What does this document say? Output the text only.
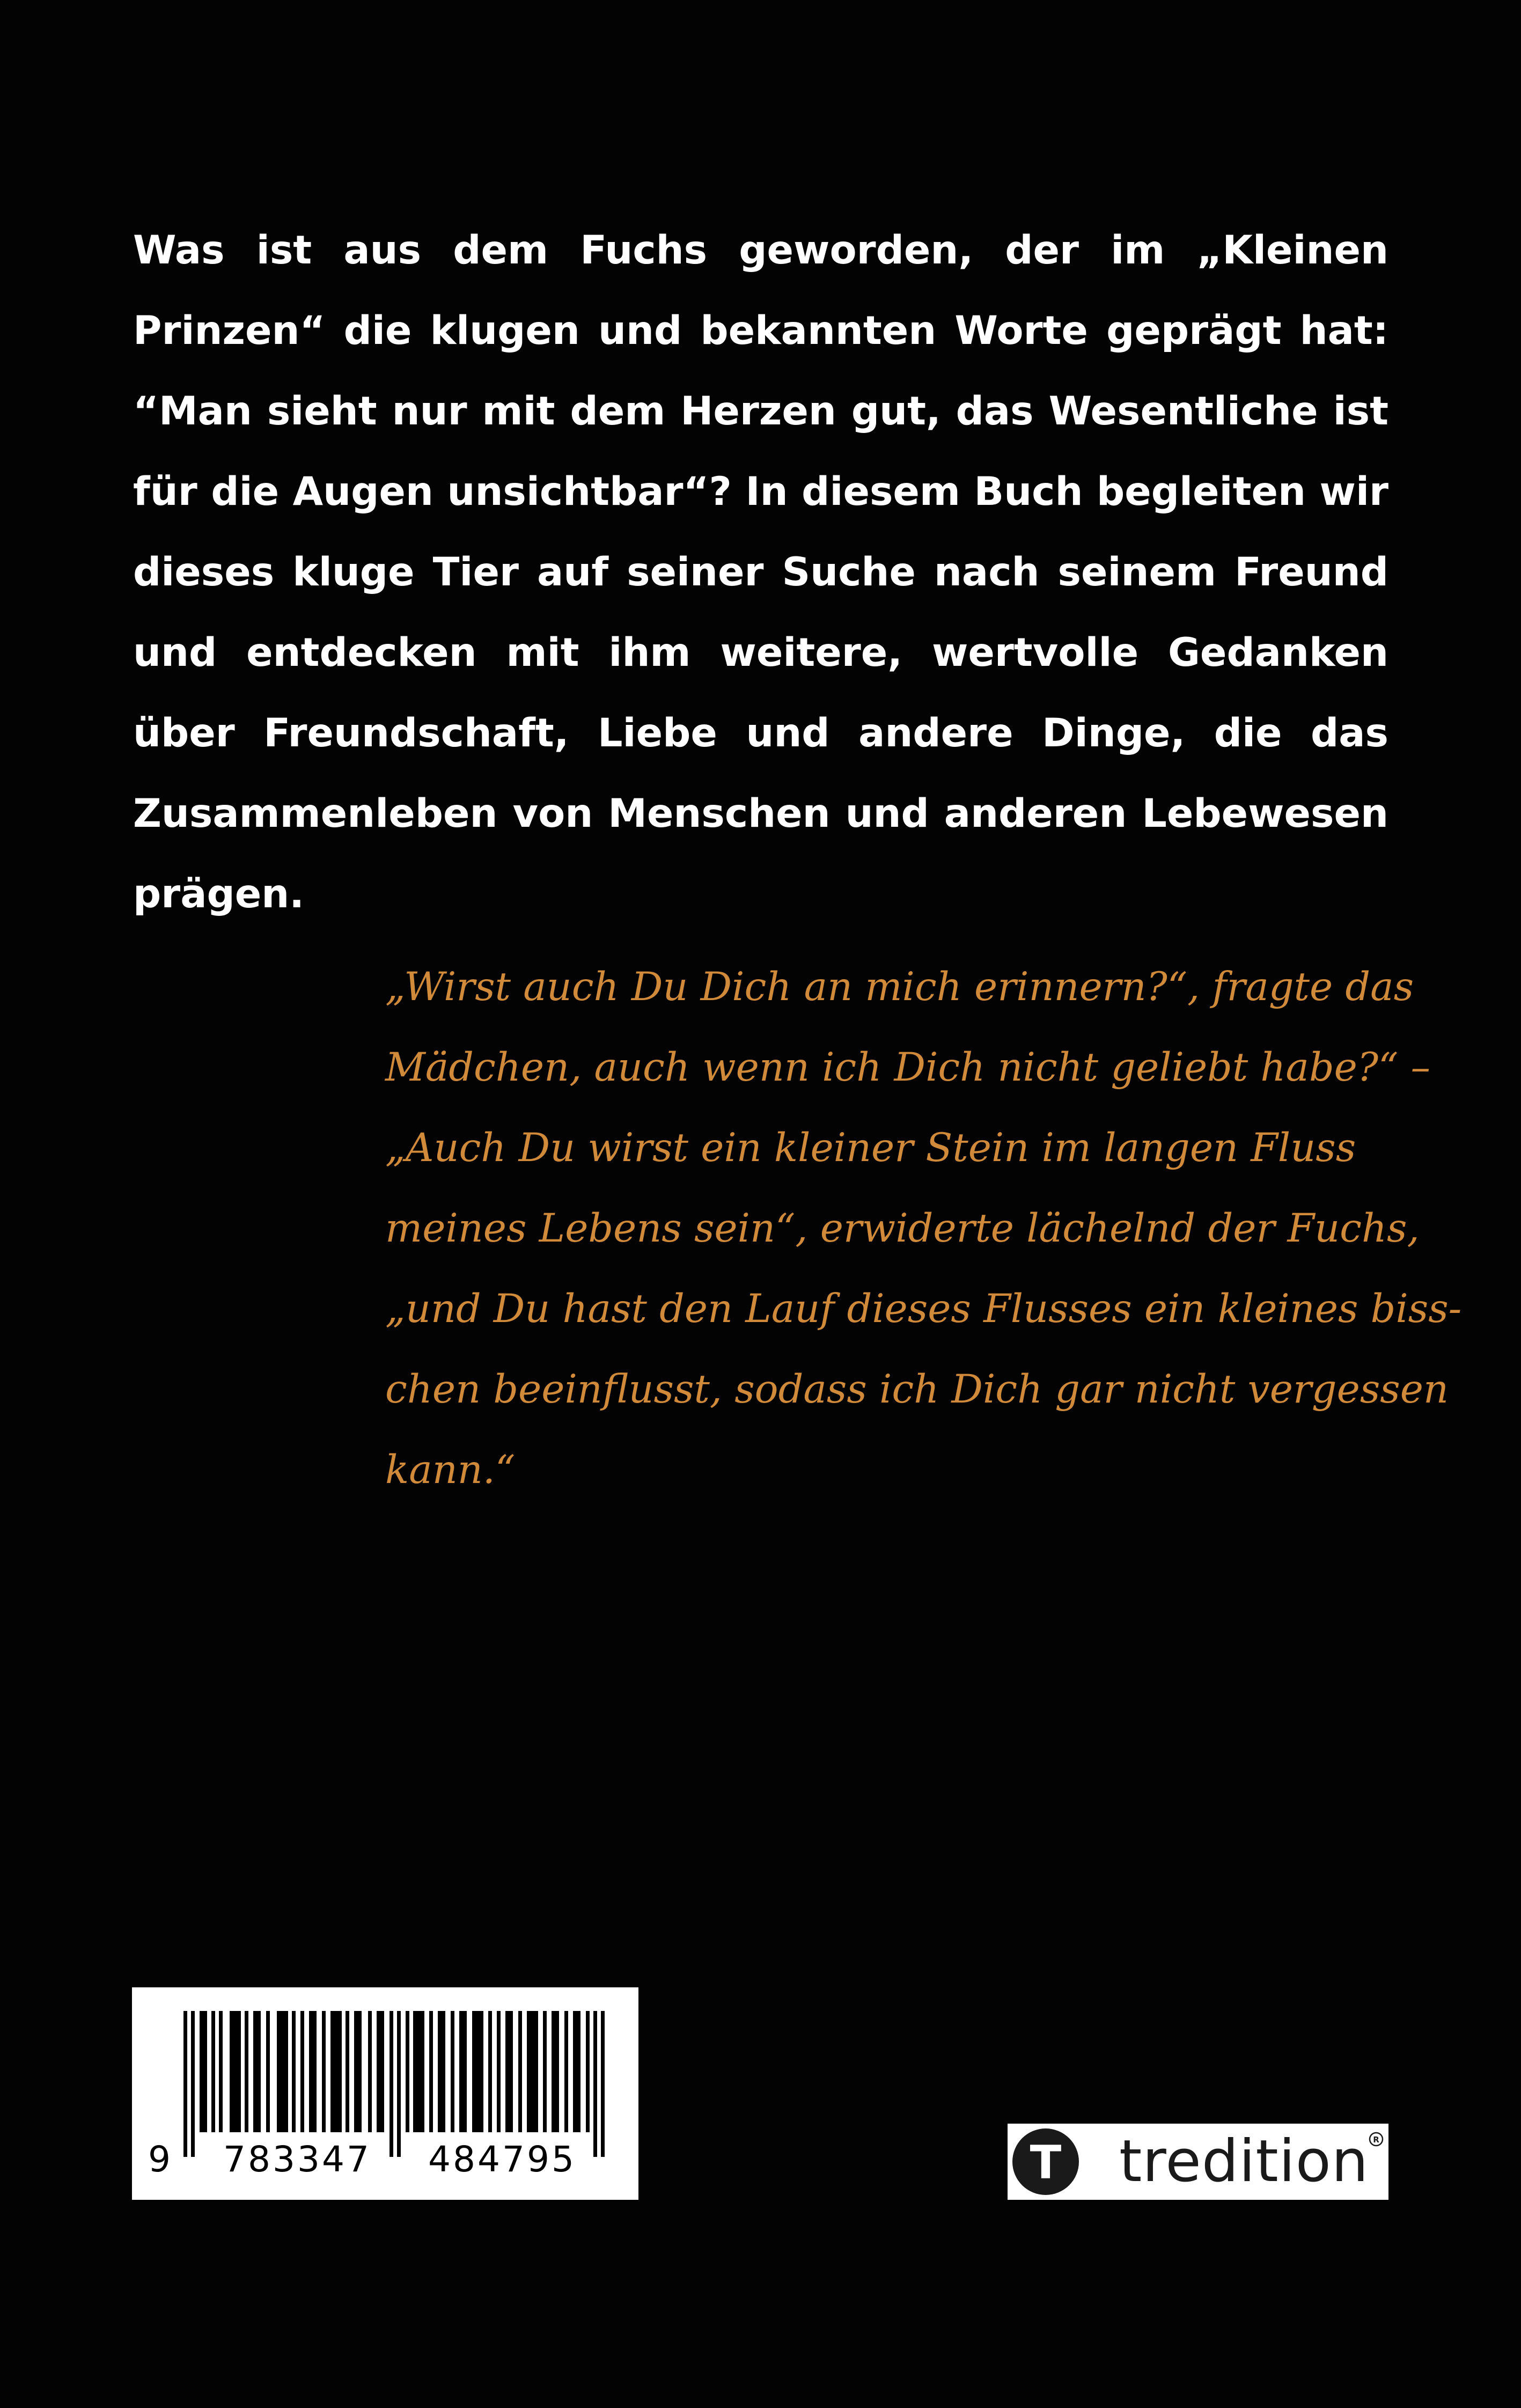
Was ist aus dem Fuchs geworden, der im „Kleinen Prinzen“ die klugen und bekannten Worte geprägt hat: “Man sieht nur mit dem Herzen gut, das Wesentliche ist für die Augen unsichtbar“? In diesem Buch begleiten wir dieses kluge Tier auf seiner Suche nach seinem Freund und entdecken mit ihm weitere, wertvolle Gedanken über Freundschaft, Liebe und andere Dinge, die das Zusammenleben von Menschen und anderen Lebewesen prägen.

„Wirst auch Du Dich an mich erinnern?“, fragte das
Mädchen, auch wenn ich Dich nicht geliebt habe?“ –
„Auch Du wirst ein kleiner Stein im langen Fluss
meines Lebens sein“, erwiderte lächelnd der Fuchs,
„und Du hast den Lauf dieses Flusses ein kleines biss-
chen beeinflusst, sodass ich Dich gar nicht vergessen
kann.“
9	783347	484795	T tredition R
